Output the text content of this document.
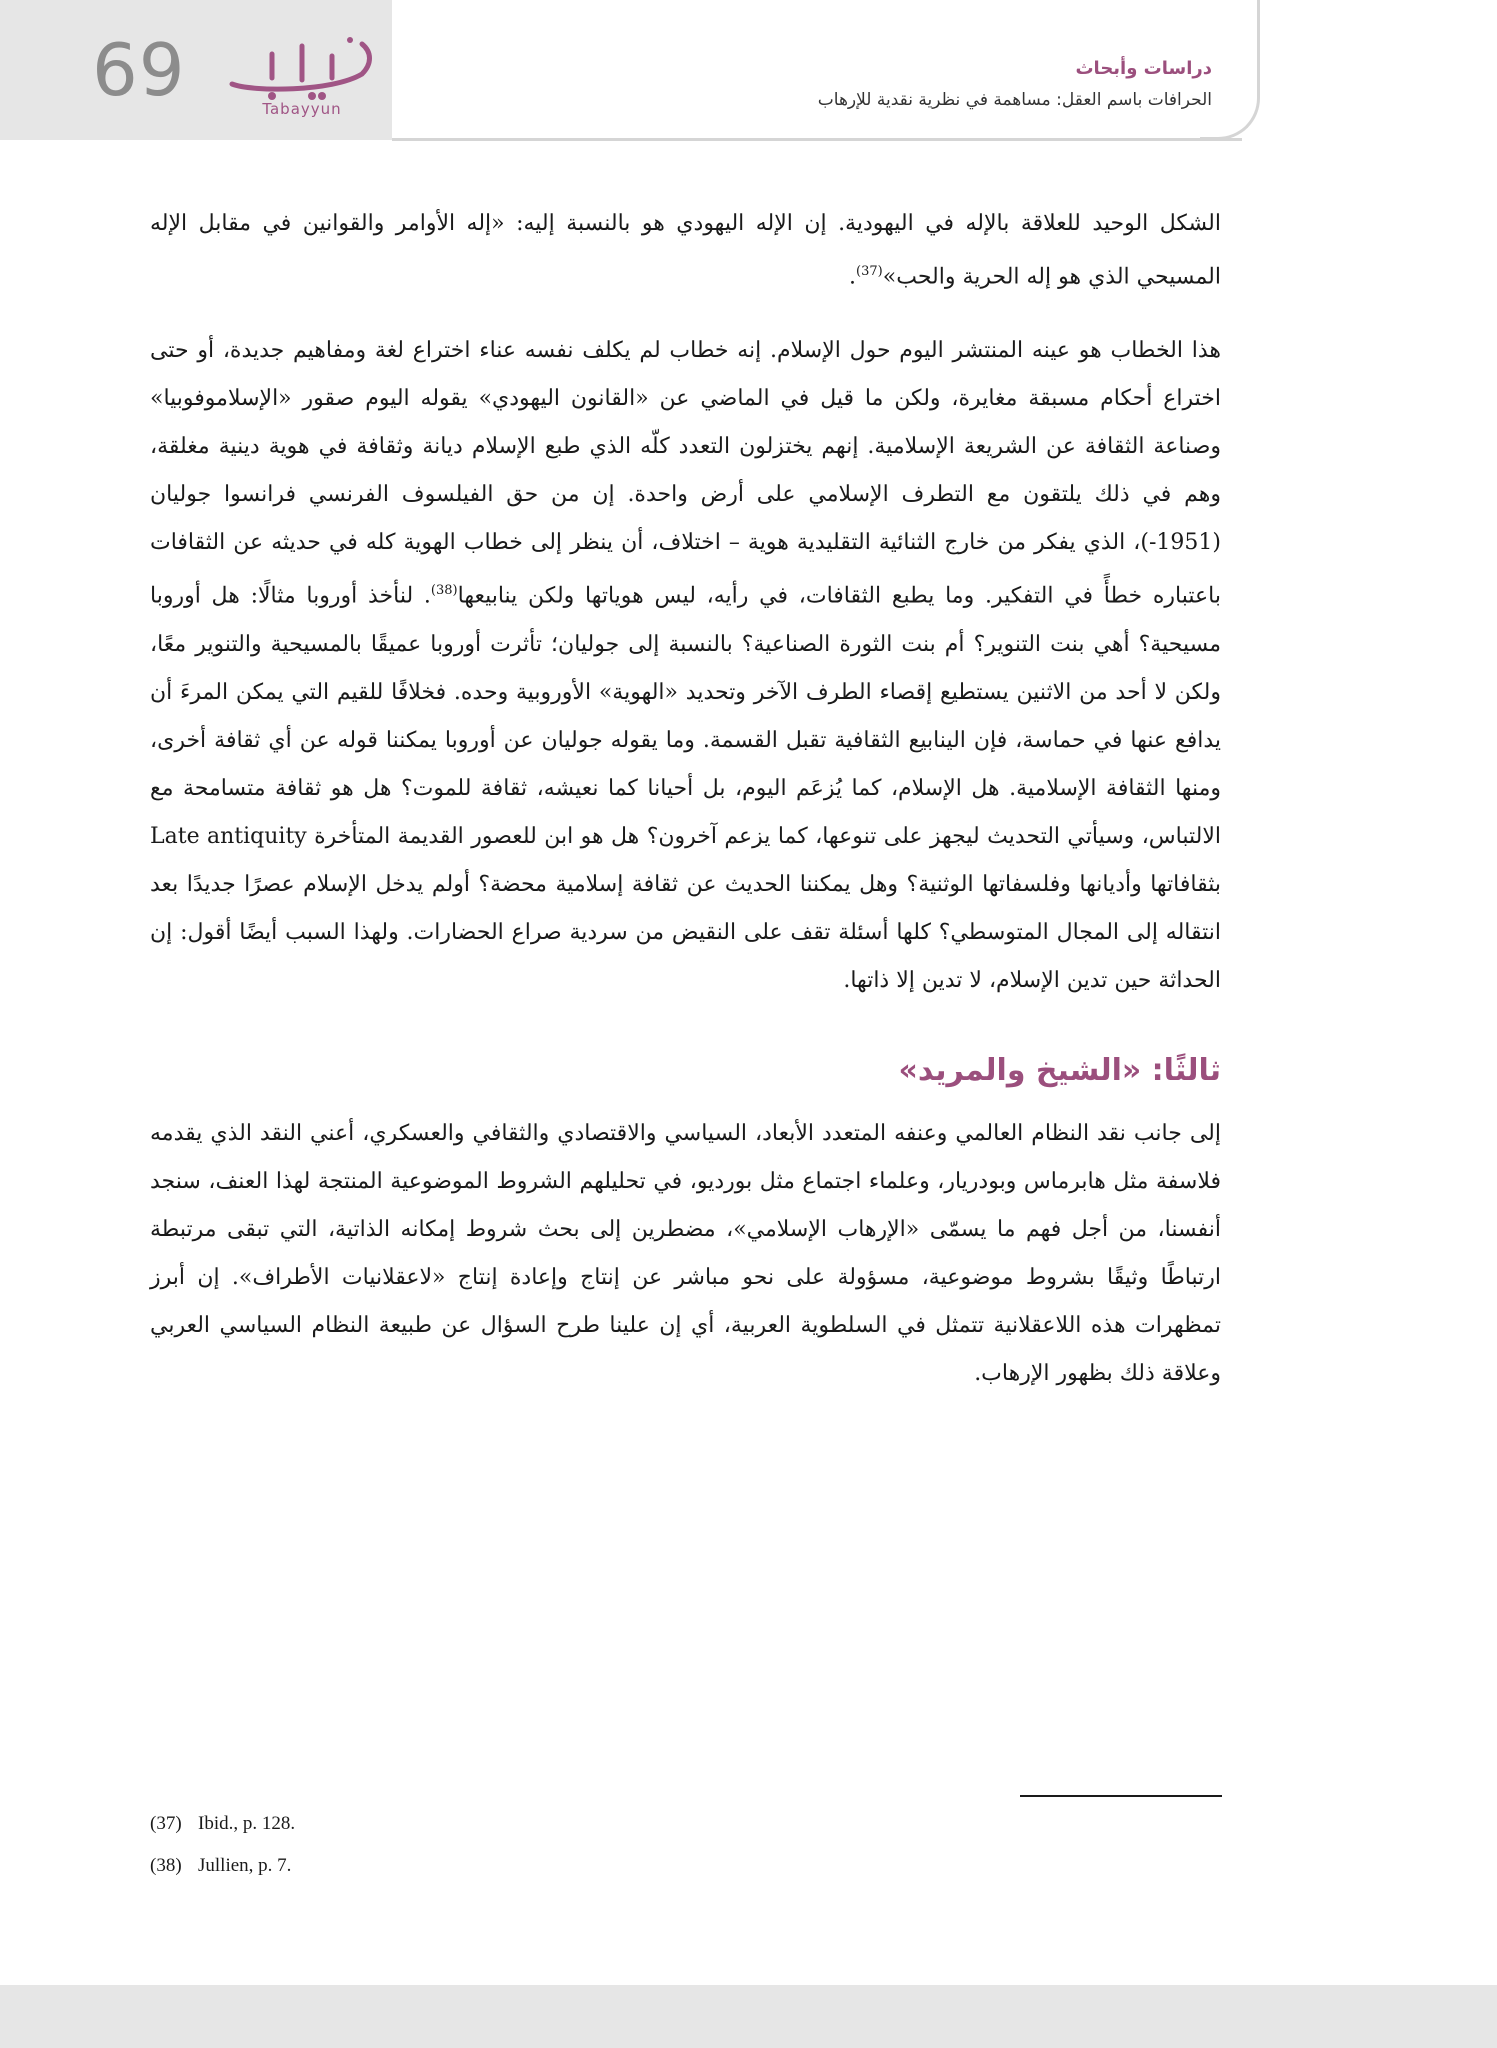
69	Tabayyun
دراسات وأبحاث
الحرافات باسم العقل: مساهمة في نظرية نقدية للإرهاب

الشكل الوحيد للعلاقة بالإله في اليهودية. إن الإله اليهودي هو بالنسبة إليه: «إله الأوامر والقوانين في مقابل الإله المسيحي الذي هو إله الحرية والحب»$^{(37)}$.

هذا الخطاب هو عينه المنتشر اليوم حول الإسلام. إنه خطاب لم يكلف نفسه عناء اختراع لغة ومفاهيم جديدة، أو حتى اختراع أحكام مسبقة مغايرة، ولكن ما قيل في الماضي عن «القانون اليهودي» يقوله اليوم صقور «الإسلاموفوبيا» وصناعة الثقافة عن الشريعة الإسلامية. إنهم يختزلون التعدد كلّه الذي طبع الإسلام ديانة وثقافة في هوية دينية مغلقة، وهم في ذلك يلتقون مع التطرف الإسلامي على أرض واحدة. إن من حق الفيلسوف الفرنسي فرانسوا جوليان (1951-)، الذي يفكر من خارج الثنائية التقليدية هوية – اختلاف، أن ينظر إلى خطاب الهوية كله في حديثه عن الثقافات باعتباره خطأً في التفكير. وما يطبع الثقافات، في رأيه، ليس هوياتها ولكن ينابيعها$^{(38)}$. لنأخذ أوروبا مثالًا: هل أوروبا مسيحية؟ أهي بنت التنوير؟ أم بنت الثورة الصناعية؟ بالنسبة إلى جوليان؛ تأثرت أوروبا عميقًا بالمسيحية والتنوير معًا، ولكن لا أحد من الاثنين يستطيع إقصاء الطرف الآخر وتحديد «الهوية» الأوروبية وحده. فخلافًا للقيم التي يمكن المرءَ أن يدافع عنها في حماسة، فإن الينابيع الثقافية تقبل القسمة. وما يقوله جوليان عن أوروبا يمكننا قوله عن أي ثقافة أخرى، ومنها الثقافة الإسلامية. هل الإسلام، كما يُزعَم اليوم، بل أحيانا كما نعيشه، ثقافة للموت؟ هل هو ثقافة متسامحة مع الالتباس، وسيأتي التحديث ليجهز على تنوعها، كما يزعم آخرون؟ هل هو ابن للعصور القديمة المتأخرة Late antiquity بثقافاتها وأديانها وفلسفاتها الوثنية؟ وهل يمكننا الحديث عن ثقافة إسلامية محضة؟ أولم يدخل الإسلام عصرًا جديدًا بعد انتقاله إلى المجال المتوسطي؟ كلها أسئلة تقف على النقيض من سردية صراع الحضارات. ولهذا السبب أيضًا أقول: إن الحداثة حين تدين الإسلام، لا تدين إلا ذاتها.

ثالثًا: «الشيخ والمريد»

إلى جانب نقد النظام العالمي وعنفه المتعدد الأبعاد، السياسي والاقتصادي والثقافي والعسكري، أعني النقد الذي يقدمه فلاسفة مثل هابرماس وبودريار، وعلماء اجتماع مثل بورديو، في تحليلهم الشروط الموضوعية المنتجة لهذا العنف، سنجد أنفسنا، من أجل فهم ما يسمّى «الإرهاب الإسلامي»، مضطرين إلى بحث شروط إمكانه الذاتية، التي تبقى مرتبطة ارتباطًا وثيقًا بشروط موضوعية، مسؤولة على نحو مباشر عن إنتاج وإعادة إنتاج «لاعقلانيات الأطراف». إن أبرز تمظهرات هذه اللاعقلانية تتمثل في السلطوية العربية، أي إن علينا طرح السؤال عن طبيعة النظام السياسي العربي وعلاقة ذلك بظهور الإرهاب.

(37) Ibid., p. 128.

(38) Jullien, p. 7.
